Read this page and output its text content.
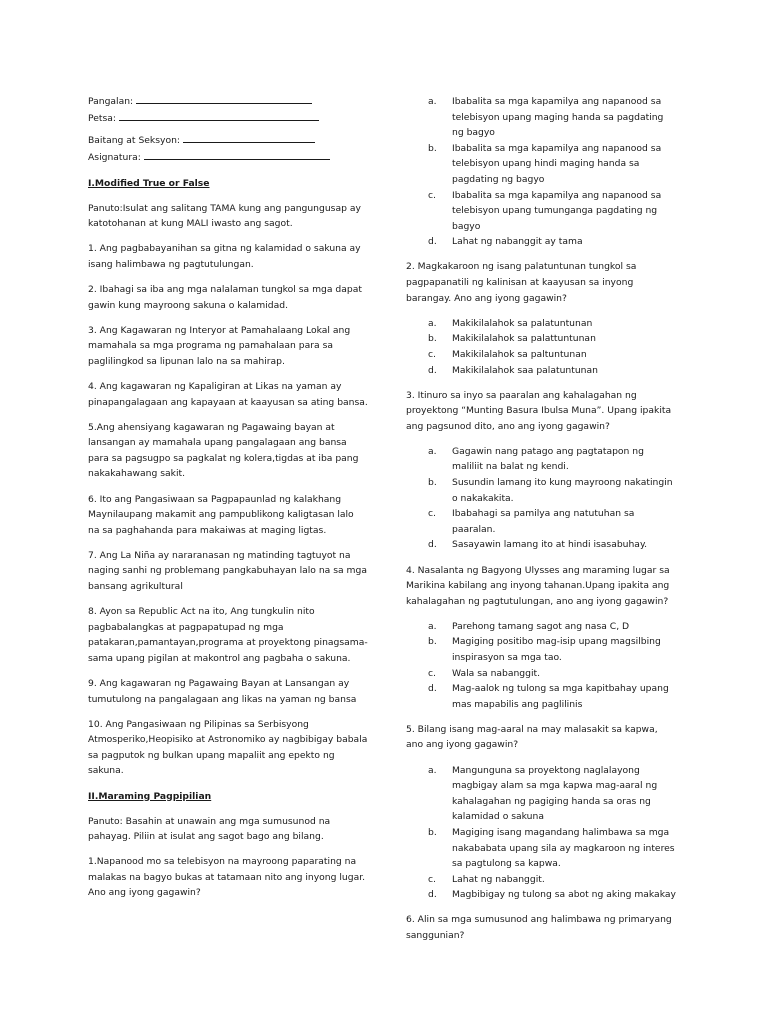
Pangalan:

Petsa:

Baitang at Seksyon:

Asignatura:

I.Modified True or False

Panuto:Isulat ang salitang TAMA kung ang pangungusap ay katotohanan at kung MALI iwasto ang sagot.

1. Ang pagbabayanihan sa gitna ng kalamidad o sakuna ay isang halimbawa ng pagtutulungan.

2. Ibahagi sa iba ang mga nalalaman tungkol sa mga dapat gawin kung mayroong sakuna o kalamidad.

3. Ang Kagawaran ng Interyor at Pamahalaang Lokal ang mamahala sa mga programa ng pamahalaan para sa paglilingkod sa lipunan lalo na sa mahirap.

4. Ang kagawaran ng Kapaligiran at Likas na yaman ay pinapangalagaan ang kapayaan at kaayusan sa ating bansa.

5.Ang ahensiyang kagawaran ng Pagawaing bayan at lansangan ay mamahala upang pangalagaan ang bansa para sa pagsugpo sa pagkalat ng kolera,tigdas at iba pang nakakahawang sakit.

6. Ito ang Pangasiwaan sa Pagpapaunlad ng kalakhang Maynilaupang makamit ang pampublikong kaligtasan lalo na sa paghahanda para makaiwas at maging ligtas.

7. Ang La Niña ay nararanasan ng matinding tagtuyot na naging sanhi ng problemang pangkabuhayan lalo na sa mga bansang agrikultural

8. Ayon sa Republic Act na ito, Ang tungkulin nito pagbabalangkas at pagpapatupad ng mga patakaran,pamantayan,programa at proyektong pinagsama-sama upang pigilan at makontrol ang pagbaha o sakuna.

9. Ang kagawaran ng Pagawaing Bayan at Lansangan ay tumutulong na pangalagaan ang likas na yaman ng bansa

10. Ang Pangasiwaan ng Pilipinas sa Serbisyong Atmosperiko,Heopisiko at Astronomiko ay nagbibigay babala sa pagputok ng bulkan upang mapaliit ang epekto ng sakuna.

II.Maraming Pagpipilian

Panuto: Basahin at unawain ang mga sumusunod na pahayag. Piliin at isulat ang sagot bago ang bilang.

1.Napanood mo sa telebisyon na mayroong paparating na malakas na bagyo bukas at tatamaan nito ang inyong lugar. Ano ang iyong gagawin?

a. Ibabalita sa mga kapamilya ang napanood sa telebisyon upang maging handa sa pagdating ng bagyo
b. Ibabalita sa mga kapamilya ang napanood sa telebisyon upang hindi maging handa sa pagdating ng bagyo
c. Ibabalita sa mga kapamilya ang napanood sa telebisyon upang tumunganga pagdating ng bagyo
d. Lahat ng nabanggit ay tama

2. Magkakaroon ng isang palatuntunan tungkol sa pagpapanatili ng kalinisan at kaayusan sa inyong barangay. Ano ang iyong gagawin?

a. Makikilalahok sa palatuntunan
b. Makikilalahok sa palattuntunan
c. Makikilalahok sa paltuntunan
d. Makikilalahok saa palatuntunan

3. Itinuro sa inyo sa paaralan ang kahalagahan ng proyektong “Munting Basura Ibulsa Muna”. Upang ipakita ang pagsunod dito, ano ang iyong gagawin?

a. Gagawin nang patago ang pagtatapon ng maliliit na balat ng kendi.
b. Susundin lamang ito kung mayroong nakatingin o nakakakita.
c. Ibabahagi sa pamilya ang natutuhan sa paaralan.
d. Sasayawin lamang ito at hindi isasabuhay.

4. Nasalanta ng Bagyong Ulysses ang maraming lugar sa Marikina kabilang ang inyong tahanan.Upang ipakita ang kahalagahan ng pagtutulungan, ano ang iyong gagawin?

a. Parehong tamang sagot ang nasa C, D
b. Magiging positibo mag-isip upang magsilbing inspirasyon sa mga tao.
c. Wala sa nabanggit.
d. Mag-aalok ng tulong sa mga kapitbahay upang mas mapabilis ang paglilinis

5. Bilang isang mag-aaral na may malasakit sa kapwa, ano ang iyong gagawin?

a. Mangunguna sa proyektong naglalayong magbigay alam sa mga kapwa mag-aaral ng kahalagahan ng pagiging handa sa oras ng kalamidad o sakuna
b. Magiging isang magandang halimbawa sa mga nakababata upang sila ay magkaroon ng interes sa pagtulong sa kapwa.
c. Lahat ng nabanggit.
d. Magbibigay ng tulong sa abot ng aking makakay

6. Alin sa mga sumusunod ang halimbawa ng primaryang sanggunian?
